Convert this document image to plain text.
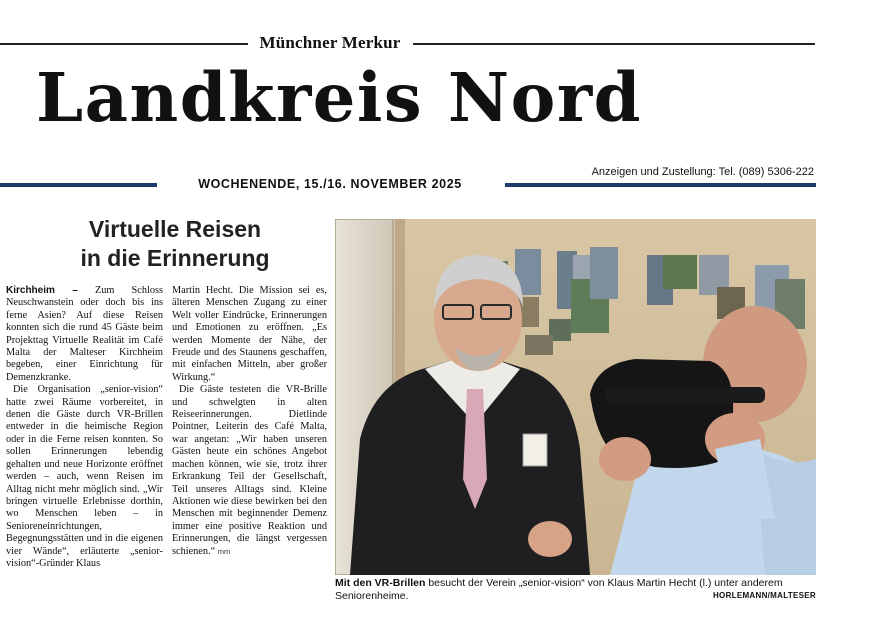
Münchner Merkur
Landkreis Nord
Anzeigen und Zustellung: Tel. (089) 5306-222
WOCHENENDE, 15./16. NOVEMBER 2025
Virtuelle Reisen
in die Erinnerung

Kirchheim – Zum Schloss Neuschwanstein oder doch bis ins ferne Asien? Auf diese Reisen konnten sich die rund 45 Gäste beim Projekttag Virtuelle Realität im Café Malta der Malteser Kirchheim begeben, einer Einrichtung für Demenzkranke.

Die Organisation „senior-vision“ hatte zwei Räume vorbereitet, in denen die Gäste durch VR-Brillen entweder in die heimische Region oder in die Ferne reisen konnten. So sollen Erinnerungen lebendig gehalten und neue Horizonte eröffnet werden – auch, wenn Reisen im Alltag nicht mehr möglich sind. „Wir bringen virtuelle Erlebnisse dorthin, wo Menschen leben – in Senioreneinrichtungen, Begegnungsstätten und in die eigenen vier Wände“, erläuterte „senior-vision“-Gründer Klaus

Martin Hecht. Die Mission sei es, älteren Menschen Zugang zu einer Welt voller Eindrücke, Erinnerungen und Emotionen zu eröffnen. „Es werden Momente der Nähe, der Freude und des Staunens geschaffen, mit einfachen Mitteln, aber großer Wirkung.“

Die Gäste testeten die VR-Brille und schwelgten in alten Reiseerinnerungen. Dietlinde Pointner, Leiterin des Café Malta, war angetan: „Wir haben unseren Gästen heute ein schönes Angebot machen können, wie sie, trotz ihrer Erkrankung Teil der Gesellschaft, Teil unseres Alltags sind. Kleine Aktionen wie diese bewirken bei den Menschen mit beginnender Demenz immer eine positive Reaktion und Erinnerungen, die längst vergessen schienen.“ mm

Mit den VR-Brillen besucht der Verein „senior-vision“ von Klaus Martin Hecht (l.) unter anderem Seniorenheime.	HORLEMANN/MALTESER
